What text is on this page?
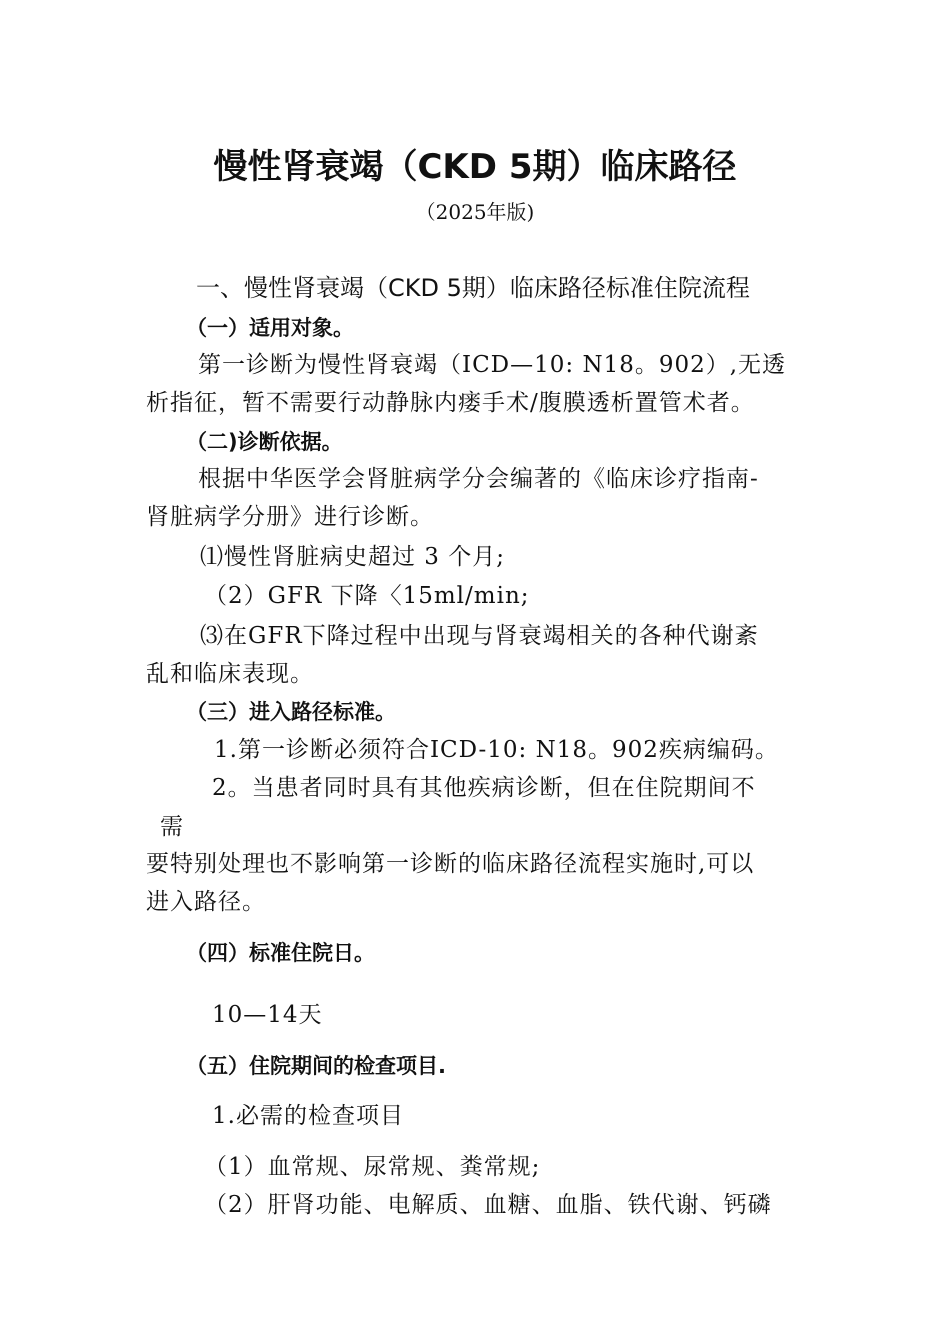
慢性肾衰竭（CKD 5期）临床路径
（2025年版)
一、慢性肾衰竭（CKD 5期）临床路径标准住院流程
（一）适用对象。
第一诊断为慢性肾衰竭（ICD—10: N18。902）,无透
析指征，暂不需要行动静脉内瘘手术/腹膜透析置管术者。
（二)诊断依据。
根据中华医学会肾脏病学分会编著的《临床诊疗指南-
肾脏病学分册》进行诊断。
⑴慢性肾脏病史超过 3 个月;
（2）GFR 下降〈15ml/min;
⑶在GFR下降过程中出现与肾衰竭相关的各种代谢紊
乱和临床表现。
（三）进入路径标准。
1.第一诊断必须符合ICD-10: N18。902疾病编码。
2。当患者同时具有其他疾病诊断，但在住院期间不
需
要特别处理也不影响第一诊断的临床路径流程实施时,可以
进入路径。
（四）标准住院日。
10—14天
（五）住院期间的检查项目.
1.必需的检查项目
（1）血常规、尿常规、粪常规;
（2）肝肾功能、电解质、血糖、血脂、铁代谢、钙磷
